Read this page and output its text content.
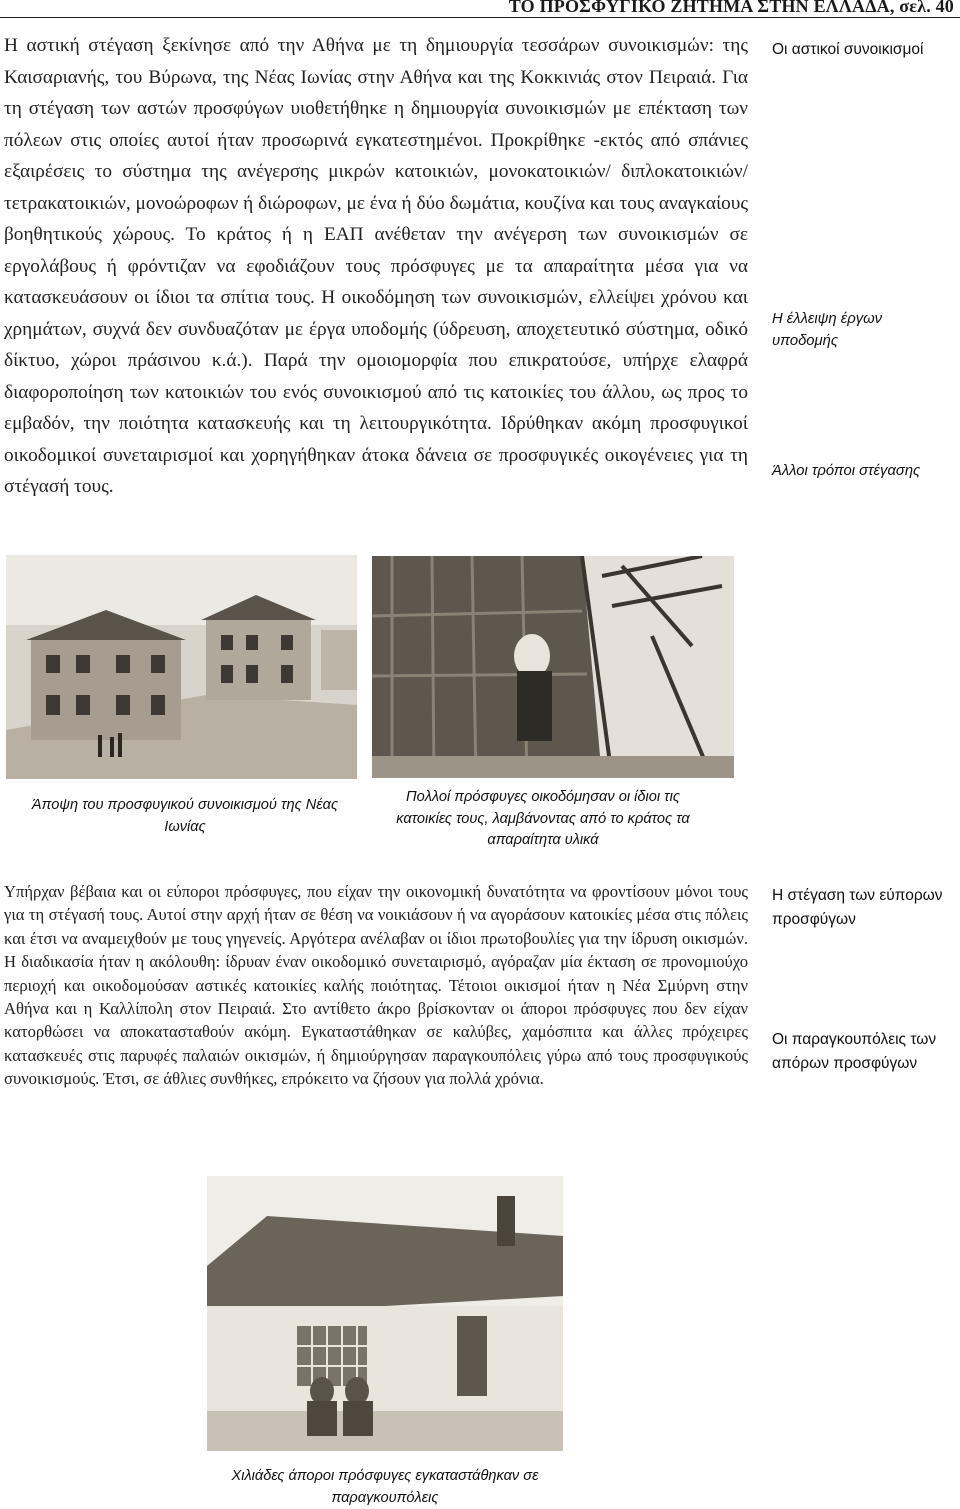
ΤΟ ΠΡΟΣΦΥΓΙΚΟ ΖΗΤΗΜΑ ΣΤΗΝ ΕΛΛΑΔΑ, σελ. 40

Η αστική στέγαση ξεκίνησε από την Αθήνα με τη δημιουργία τεσσάρων συνοικισμών: της Καισαριανής, του Βύρωνα, της Νέας Ιωνίας στην Αθήνα και της Κοκκινιάς στον Πειραιά. Για τη στέγαση των αστών προσφύγων υιοθετήθηκε η δημιουργία συνοικισμών με επέκταση των πόλεων στις οποίες αυτοί ήταν προσωρινά εγκατεστημένοι. Προκρίθηκε -εκτός από σπάνιες εξαιρέσεις το σύστημα της ανέγερσης μικρών κατοικιών, μονοκατοικιών/ διπλοκατοικιών/ τετρακατοικιών, μονοώροφων ή διώροφων, με ένα ή δύο δωμάτια, κουζίνα και τους αναγκαίους βοηθητικούς χώρους. Το κράτος ή η ΕΑΠ ανέθεταν την ανέγερση των συνοικισμών σε εργολάβους ή φρόντιζαν να εφοδιάζουν τους πρόσφυγες με τα απαραίτητα μέσα για να κατασκευάσουν οι ίδιοι τα σπίτια τους. Η οικοδόμηση των συνοικισμών, ελλείψει χρόνου και χρημάτων, συχνά δεν συνδυαζόταν με έργα υποδομής (ύδρευση, αποχετευτικό σύστημα, οδικό δίκτυο, χώροι πράσινου κ.ά.). Παρά την ομοιομορφία που επικρατούσε, υπήρχε ελαφρά διαφοροποίηση των κατοικιών του ενός συνοικισμού από τις κατοικίες του άλλου, ως προς το εμβαδόν, την ποιότητα κατασκευής και τη λειτουργικότητα. Ιδρύθηκαν ακόμη προσφυγικοί οικοδομικοί συνεταιρισμοί και χορηγήθηκαν άτοκα δάνεια σε προσφυγικές οικογένειες για τη στέγασή τους.

Οι αστικοί συνοικισμοί
Η έλλειψη έργων υποδομής
Άλλοι τρόποι στέγασης
Άποψη του προσφυγικού συνοικισμού της Νέας Ιωνίας
Πολλοί πρόσφυγες οικοδόμησαν οι ίδιοι τις κατοικίες τους, λαμβάνοντας από το κράτος τα απαραίτητα υλικά

Υπήρχαν βέβαια και οι εύποροι πρόσφυγες, που είχαν την οικονομική δυνατότητα να φροντίσουν μόνοι τους για τη στέγασή τους. Αυτοί στην αρχή ήταν σε θέση να νοικιάσουν ή να αγοράσουν κατοικίες μέσα στις πόλεις και έτσι να αναμειχθούν με τους γηγενείς. Αργότερα ανέλαβαν οι ίδιοι πρωτοβουλίες για την ίδρυση οικισμών. Η διαδικασία ήταν η ακόλουθη: ίδρυαν έναν οικοδομικό συνεταιρισμό, αγόραζαν μία έκταση σε προνομιούχο περιοχή και οικοδομούσαν αστικές κατοικίες καλής ποιότητας. Τέτοιοι οικισμοί ήταν η Νέα Σμύρνη στην Αθήνα και η Καλλίπολη στον Πειραιά. Στο αντίθετο άκρο βρίσκονταν οι άποροι πρόσφυγες που δεν είχαν κατορθώσει να αποκατασταθούν ακόμη. Εγκαταστάθηκαν σε καλύβες, χαμόσπιτα και άλλες πρόχειρες κατασκευές στις παρυφές παλαιών οικισμών, ή δημιούργησαν παραγκουπόλεις γύρω από τους προσφυγικούς συνοικισμούς. Έτσι, σε άθλιες συνθήκες, επρόκειτο να ζήσουν για πολλά χρόνια.

Η στέγαση των εύπορων προσφύγων
Οι παραγκουπόλεις των απόρων προσφύγων
Χιλιάδες άποροι πρόσφυγες εγκαταστάθηκαν σε παραγκουπόλεις
